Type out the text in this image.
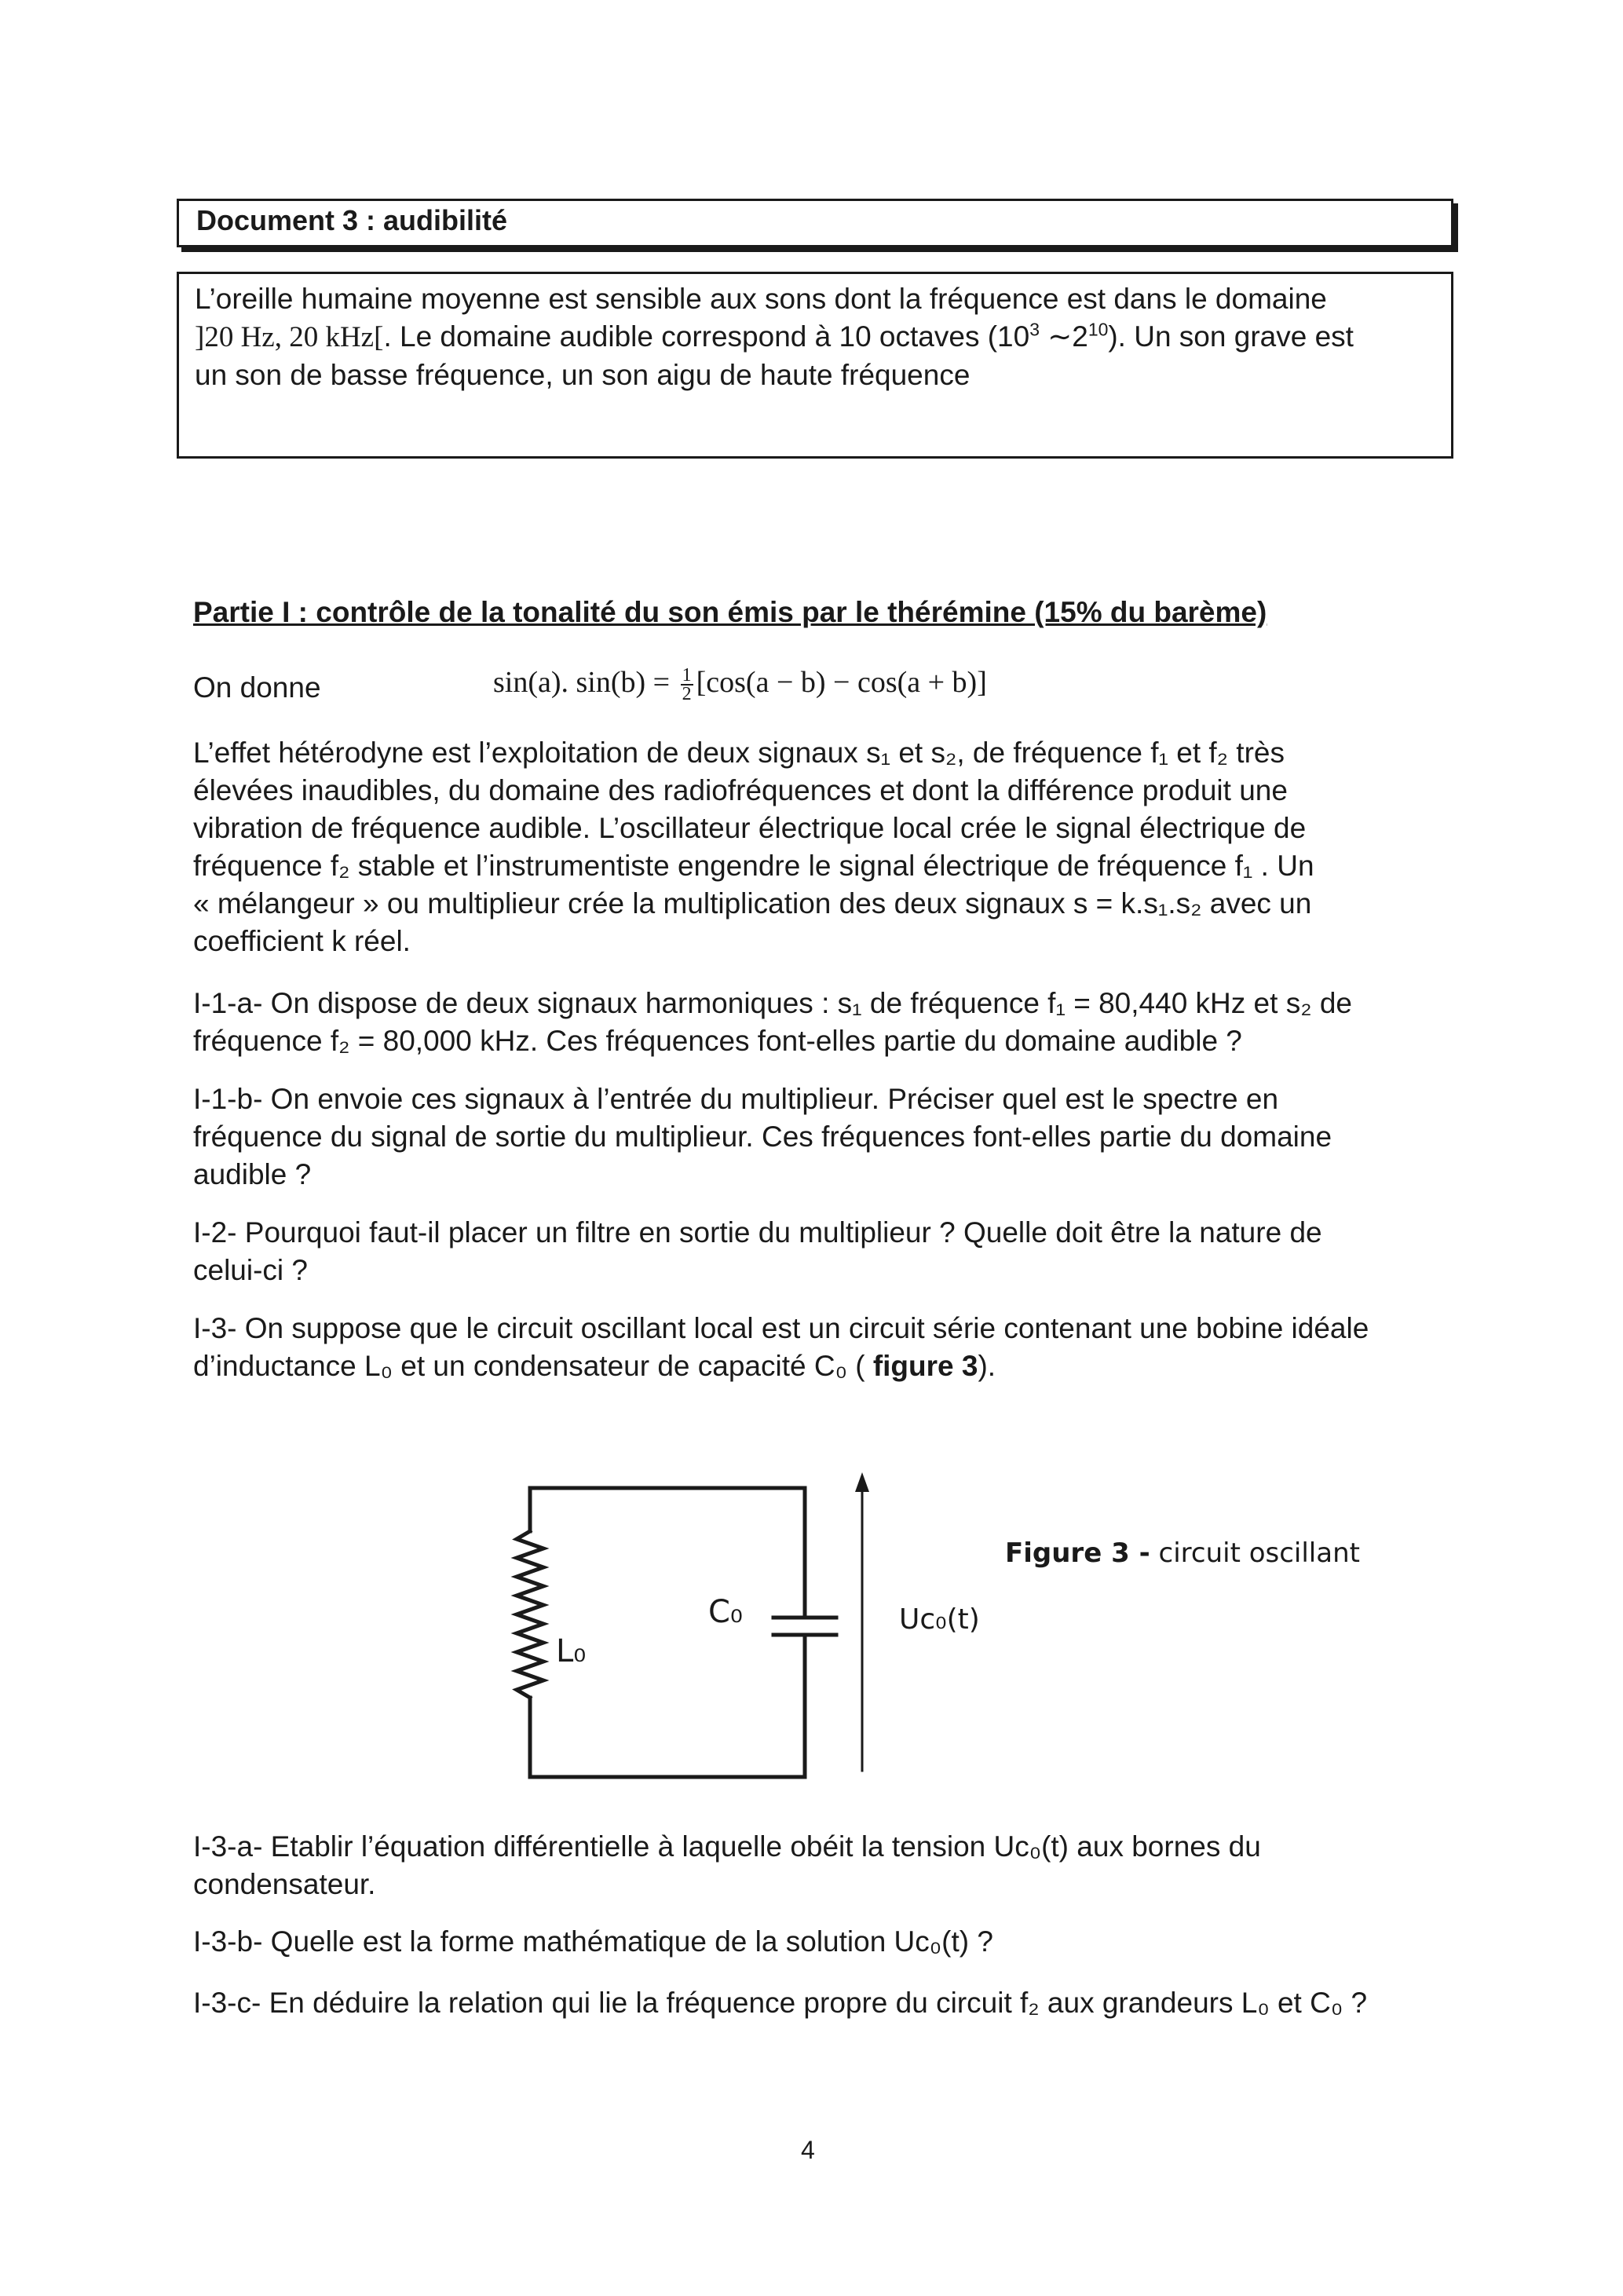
Document 3 : audibilité
L’oreille humaine moyenne est sensible aux sons dont la fréquence est dans le domaine
]20 Hz, 20 kHz[. Le domaine audible correspond à 10 octaves ($10^3$ $\sim 2^{10}$). Un son grave est
un son de basse fréquence, un son aigu de haute fréquence
Partie I : contrôle de la tonalité du son émis par le thérémine (15% du barème)
On donne	sin(a). $\sin(b) = \frac{1}{2} [\cos(a - b) - \cos(a + b)]$
L’effet hétérodyne est l’exploitation de deux signaux s₁ et s₂, de fréquence f₁ et f₂ très
élevées inaudibles, du domaine des radiofréquences et dont la différence produit une
vibration de fréquence audible. L’oscillateur électrique local crée le signal électrique de
fréquence f₂ stable et l’instrumentiste engendre le signal électrique de fréquence f₁ . Un
« mélangeur » ou multiplieur crée la multiplication des deux signaux s = k.s₁.s₂ avec un
coefficient k réel.
I-1-a- On dispose de deux signaux harmoniques : s₁ de fréquence f₁ = 80,440 kHz et s₂ de
fréquence f₂ = 80,000 kHz. Ces fréquences font-elles partie du domaine audible ?
I-1-b- On envoie ces signaux à l’entrée du multiplieur. Préciser quel est le spectre en
fréquence du signal de sortie du multiplieur. Ces fréquences font-elles partie du domaine
audible ?
I-2- Pourquoi faut-il placer un filtre en sortie du multiplieur ? Quelle doit être la nature de
celui-ci ?
I-3- On suppose que le circuit oscillant local est un circuit série contenant une bobine idéale
d’inductance L₀ et un condensateur de capacité C₀ ( figure 3).
L₀
C₀	Uc₀(t)
Figure 3 - circuit oscillant
I-3-a- Etablir l’équation différentielle à laquelle obéit la tension Uᴄ₀(t) aux bornes du
condensateur.
I-3-b- Quelle est la forme mathématique de la solution Uc₀(t) ?
I-3-c- En déduire la relation qui lie la fréquence propre du circuit f₂ aux grandeurs L₀ et C₀ ?
4
